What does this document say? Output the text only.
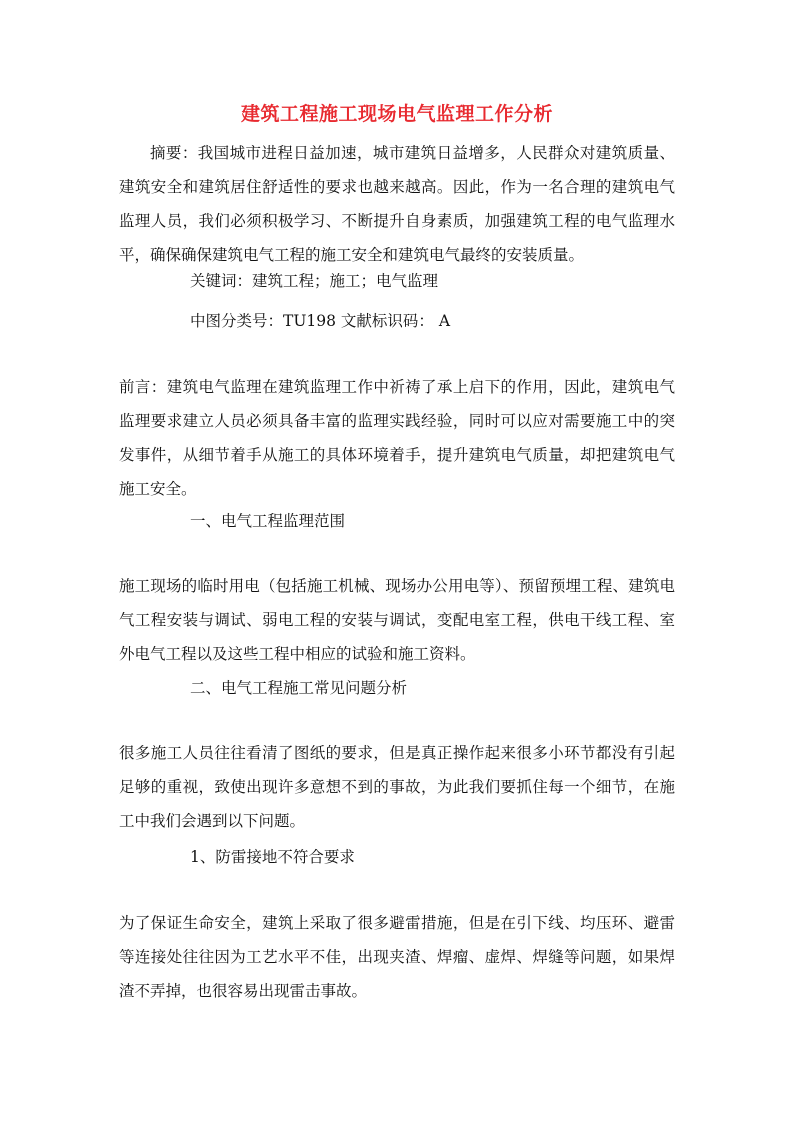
建筑工程施工现场电气监理工作分析

摘要：我国城市进程日益加速，城市建筑日益增多，人民群众对建筑质量、建筑安全和建筑居住舒适性的要求也越来越高。因此，作为一名合理的建筑电气监理人员，我们必须积极学习、不断提升自身素质，加强建筑工程的电气监理水平，确保确保建筑电气工程的施工安全和建筑电气最终的安装质量。

关键词：建筑工程；施工；电气监理
中图分类号：TU198 文献标识码： A

前言：建筑电气监理在建筑监理工作中祈祷了承上启下的作用，因此，建筑电气监理要求建立人员必须具备丰富的监理实践经验，同时可以应对需要施工中的突发事件，从细节着手从施工的具体环境着手，提升建筑电气质量，却把建筑电气施工安全。

一、电气工程监理范围

施工现场的临时用电（包括施工机械、现场办公用电等）、预留预埋工程、建筑电气工程安装与调试、弱电工程的安装与调试，变配电室工程，供电干线工程、室外电气工程以及这些工程中相应的试验和施工资料。

二、电气工程施工常见问题分析

很多施工人员往往看清了图纸的要求，但是真正操作起来很多小环节都没有引起足够的重视，致使出现许多意想不到的事故，为此我们要抓住每一个细节，在施工中我们会遇到以下问题。

1、防雷接地不符合要求

为了保证生命安全，建筑上采取了很多避雷措施，但是在引下线、均压环、避雷等连接处往往因为工艺水平不佳，出现夹渣、焊瘤、虚焊、焊缝等问题，如果焊渣不弄掉，也很容易出现雷击事故。
